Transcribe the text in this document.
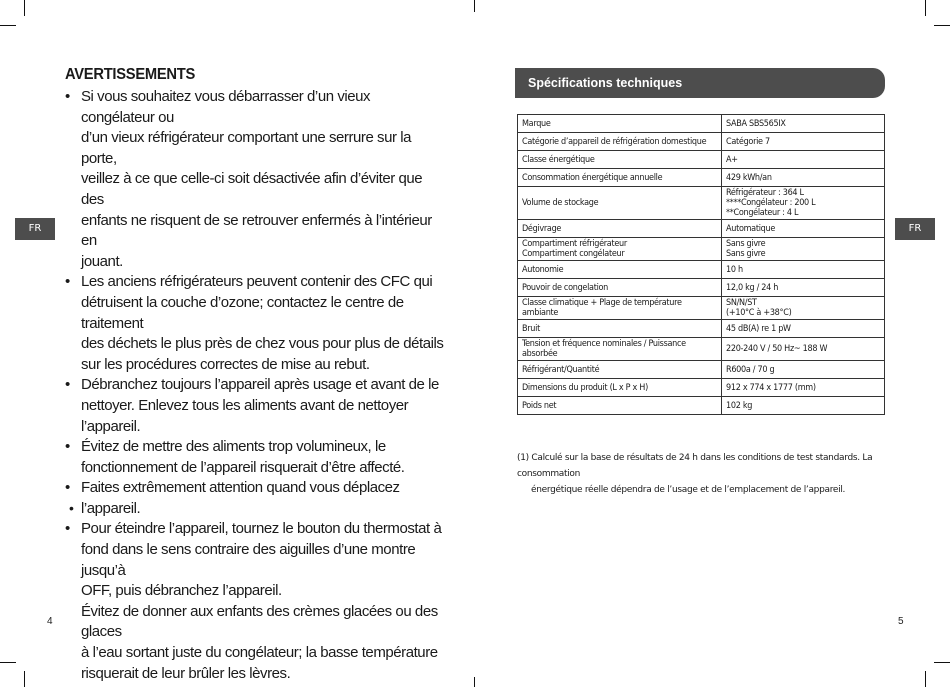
FR	FR
4	5
AVERTISSEMENTS
• Si vous souhaitez vous débarrasser d’un vieux congélateur ou
d’un vieux réfrigérateur comportant une serrure sur la porte,
veillez à ce que celle-ci soit désactivée afin d’éviter que des
enfants ne risquent de se retrouver enfermés à l’intérieur en
jouant.
• Les anciens réfrigérateurs peuvent contenir des CFC qui
détruisent la couche d’ozone; contactez le centre de traitement
des déchets le plus près de chez vous pour plus de détails
sur les procédures correctes de mise au rebut.
• Débranchez toujours l’appareil après usage et avant de le
nettoyer. Enlevez tous les aliments avant de nettoyer l’appareil.
• Évitez de mettre des aliments trop volumineux, le
fonctionnement de l’appareil risquerait d’être affecté.
• Faites extrêmement attention quand vous déplacez l’appareil.
• Pour éteindre l’appareil, tournez le bouton du thermostat à
fond dans le sens contraire des aiguilles d’une montre jusqu’à
OFF, puis débranchez l’appareil.
Évitez de donner aux enfants des crèmes glacées ou des glaces
à l’eau sortant juste du congélateur; la basse température
risquerait de leur brûler les lèvres.
•
Spécifications techniques
Marque	SABA SBS565IX
Catégorie d’appareil de réfrigération domestique	Catégorie 7
Classe énergétique	A+
Consommation énergétique annuelle	429 kWh/an
Volume de stockage	Réfrigérateur : 364 L
****Congélateur : 200 L
**Congélateur : 4 L
Dégivrage	Automatique
Compartiment réfrigérateur
Compartiment congélateur	Sans givre
Sans givre
Autonomie	10 h
Pouvoir de congelation	12,0 kg / 24 h
Classe climatique + Plage de température ambiante	SN/N/ST
(+10°C à +38°C)
Bruit	45 dB(A) re 1 pW
Tension et fréquence nominales / Puissance absorbée	220-240 V / 50 Hz~ 188 W
Réfrigérant/Quantité	R600a / 70 g
Dimensions du produit (L x P x H)	912 x 774 x 1777 (mm)
Poids net	102 kg
(1) Calculé sur la base de résultats de 24 h dans les conditions de test standards. La consommation
énergétique réelle dépendra de l’usage et de l’emplacement de l’appareil.
